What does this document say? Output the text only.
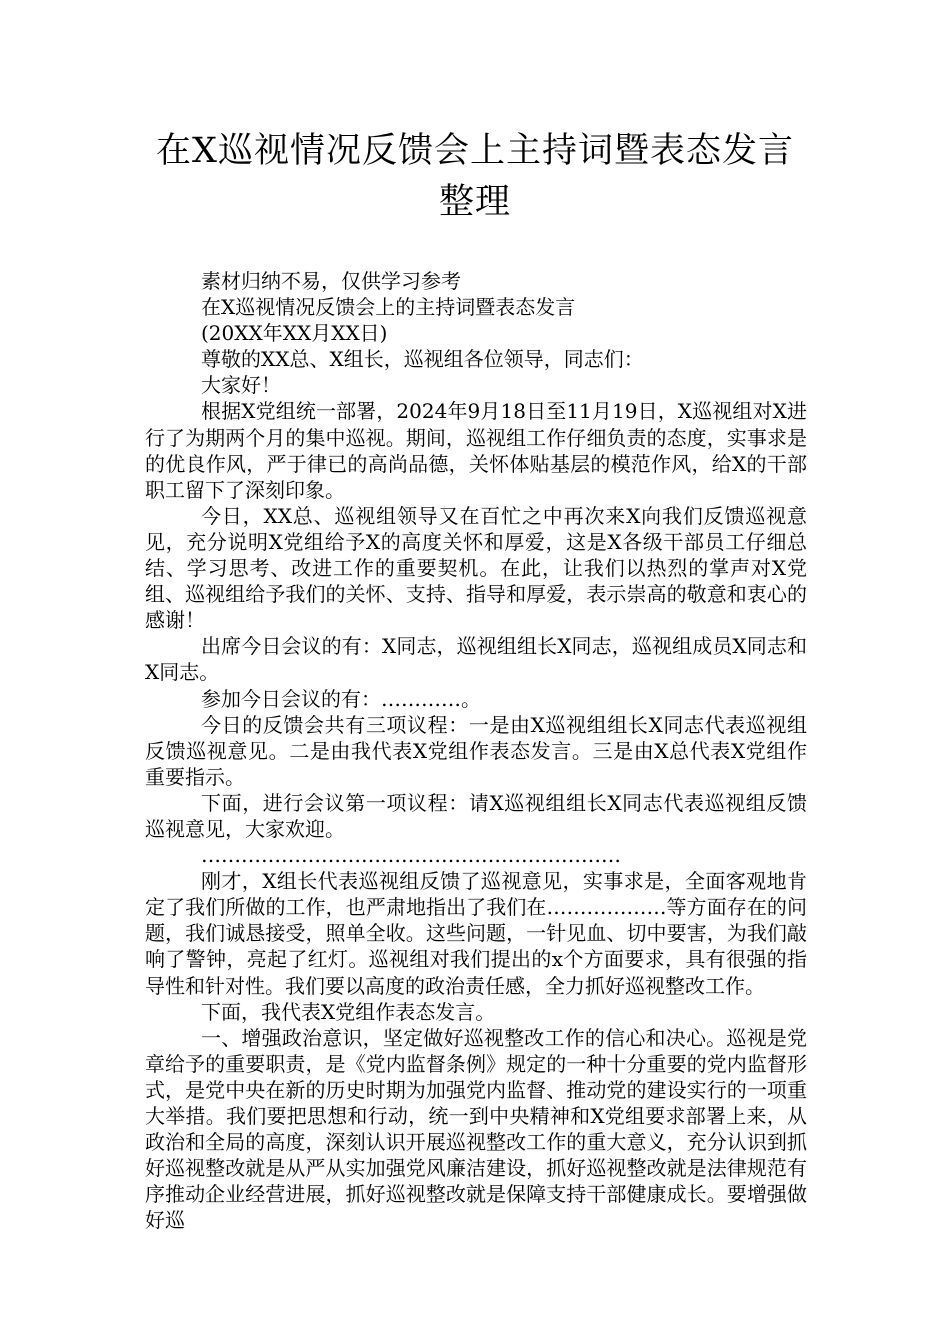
在X巡视情况反馈会上主持词暨表态发言
整理

素材归纳不易，仅供学习参考

在X巡视情况反馈会上的主持词暨表态发言

(20XX年XX月XX日)

尊敬的XX总、X组长，巡视组各位领导，同志们：

大家好！

根据X党组统一部署，2024年9月18日至11月19日，X巡视组对X进行了为期两个月的集中巡视。期间，巡视组工作仔细负责的态度，实事求是的优良作风，严于律已的高尚品德，关怀体贴基层的模范作风，给X的干部职工留下了深刻印象。

今日，XX总、巡视组领导又在百忙之中再次来X向我们反馈巡视意见，充分说明X党组给予X的高度关怀和厚爱，这是X各级干部员工仔细总结、学习思考、改进工作的重要契机。在此，让我们以热烈的掌声对X党组、巡视组给予我们的关怀、支持、指导和厚爱，表示崇高的敬意和衷心的感谢！

出席今日会议的有：X同志，巡视组组长X同志，巡视组成员X同志和X同志。

参加今日会议的有：…………。

今日的反馈会共有三项议程：一是由X巡视组组长X同志代表巡视组反馈巡视意见。二是由我代表X党组作表态发言。三是由X总代表X党组作重要指示。

下面，进行会议第一项议程：请X巡视组组长X同志代表巡视组反馈巡视意见，大家欢迎。

………………………………………………………

刚才，X组长代表巡视组反馈了巡视意见，实事求是，全面客观地肯定了我们所做的工作，也严肃地指出了我们在………………等方面存在的问题，我们诚恳接受，照单全收。这些问题，一针见血、切中要害，为我们敲响了警钟，亮起了红灯。巡视组对我们提出的x个方面要求，具有很强的指导性和针对性。我们要以高度的政治责任感，全力抓好巡视整改工作。

下面，我代表X党组作表态发言。

一、增强政治意识，坚定做好巡视整改工作的信心和决心。巡视是党章给予的重要职责，是《党内监督条例》规定的一种十分重要的党内监督形式，是党中央在新的历史时期为加强党内监督、推动党的建设实行的一项重大举措。我们要把思想和行动，统一到中央精神和X党组要求部署上来，从政治和全局的高度，深刻认识开展巡视整改工作的重大意义，充分认识到抓好巡视整改就是从严从实加强党风廉洁建设，抓好巡视整改就是法律规范有序推动企业经营进展，抓好巡视整改就是保障支持干部健康成长。要增强做好巡
